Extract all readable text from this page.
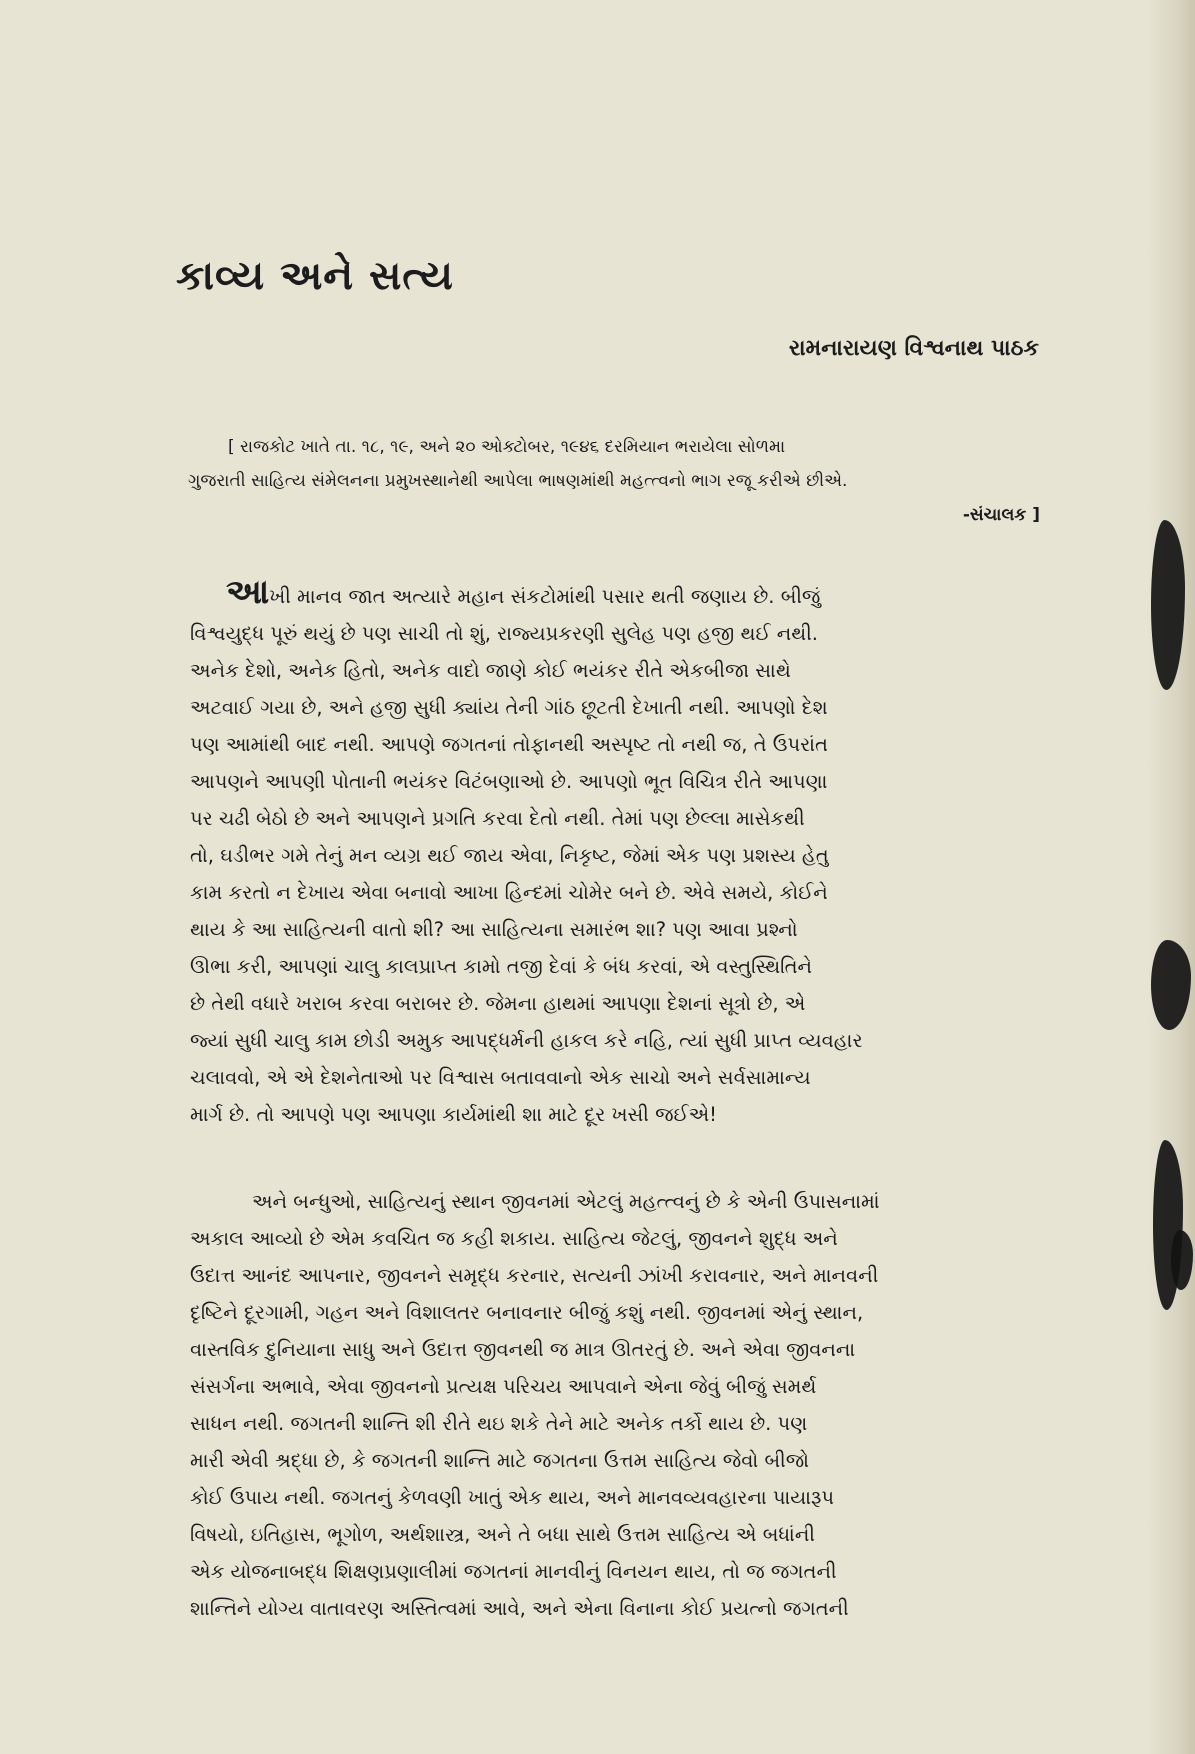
કાવ્ય અને સત્ય
રામનારાયણ વિશ્વનાથ પાઠક
[ રાજકોટ ખાતે તા. ૧૮, ૧૯, અને ૨૦ ઓક્ટોબર, ૧૯૪૬ દરમિયાન ભરાયેલા સોળમા
ગુજરાતી સાહિત્ય સંમેલનના પ્રમુખસ્થાનેથી આપેલા ભાષણમાંથી મહત્ત્વનો ભાગ રજૂ કરીએ છીએ.
-સંચાલક ]
આખી માનવ જાત અત્યારે મહાન સંકટોમાંથી પસાર થતી જણાય છે. બીજું
વિશ્વયુદ્ધ પૂરું થયું છે પણ સાચી તો શું, રાજ્યપ્રકરણી સુલેહ પણ હજી થઈ નથી.
અનેક દેશો, અનેક હિતો, અનેક વાદો જાણે કોઈ ભયંકર રીતે એકબીજા સાથે
અટવાઈ ગયા છે, અને હજી સુધી ક્યાંય તેની ગાંઠ છૂટતી દેખાતી નથી. આપણો દેશ
પણ આમાંથી બાદ નથી. આપણે જગતનાં તોફાનથી અસ્પૃષ્ટ તો નથી જ, તે ઉપરાંત
આપણને આપણી પોતાની ભયંકર વિટંબણાઓ છે. આપણો ભૂત વિચિત્ર રીતે આપણા
પર ચઢી બેઠો છે અને આપણને પ્રગતિ કરવા દેતો નથી. તેમાં પણ છેલ્લા માસેકથી
તો, ઘડીભર ગમે તેનું મન વ્યગ્ર થઈ જાય એવા, નિકૃષ્ટ, જેમાં એક પણ પ્રશસ્ય હેતુ
કામ કરતો ન દેખાય એવા બનાવો આખા હિન્દમાં ચોમેર બને છે. એવે સમયે, કોઈને
થાય કે આ સાહિત્યની વાતો શી? આ સાહિત્યના સમારંભ શા? પણ આવા પ્રશ્નો
ઊભા કરી, આપણાં ચાલુ કાલપ્રાપ્ત કામો તજી દેવાં કે બંધ કરવાં, એ વસ્તુસ્થિતિને
છે તેથી વધારે ખરાબ કરવા બરાબર છે. જેમના હાથમાં આપણા દેશનાં સૂત્રો છે, એ
જ્યાં સુધી ચાલુ કામ છોડી અમુક આપદ્ધર્મની હાકલ કરે નહિ, ત્યાં સુધી પ્રાપ્ત વ્યવહાર
ચલાવવો, એ એ દેશનેતાઓ પર વિશ્વાસ બતાવવાનો એક સાચો અને સર્વસામાન્ય
માર્ગ છે. તો આપણે પણ આપણા કાર્યમાંથી શા માટે દૂર ખસી જઈએ!
અને બન્ધુઓ, સાહિત્યનું સ્થાન જીવનમાં એટલું મહત્ત્વનું છે કે એની ઉપાસનામાં
અકાલ આવ્યો છે એમ કવચિત જ કહી શકાય. સાહિત્ય જેટલું, જીવનને શુદ્ધ અને
ઉદાત્ત આનંદ આપનાર, જીવનને સમૃદ્ધ કરનાર, સત્યની ઝાંખી કરાવનાર, અને માનવની
દૃષ્ટિને દૂરગામી, ગહન અને વિશાલતર બનાવનાર બીજું કશું નથી. જીવનમાં એનું સ્થાન,
વાસ્તવિક દુનિયાના સાધુ અને ઉદાત્ત જીવનથી જ માત્ર ઊતરતું છે. અને એવા જીવનના
સંસર્ગના અભાવે, એવા જીવનનો પ્રત્યક્ષ પરિચય આપવાને એના જેવું બીજું સમર્થ
સાધન નથી. જગતની શાન્તિ શી રીતે થઇ શકે તેને માટે અનેક તર્કો થાય છે. પણ
મારી એવી શ્રદ્ધા છે, કે જગતની શાન્તિ માટે જગતના ઉત્તમ સાહિત્ય જેવો બીજો
કોઈ ઉપાય નથી. જગતનું કેળવણી ખાતું એક થાય, અને માનવવ્યવહારના પાયારૂપ
વિષયો, ઇતિહાસ, ભૂગોળ, અર્થશાસ્ત્ર, અને તે બધા સાથે ઉત્તમ સાહિત્ય એ બધાંની
એક યોજનાબદ્ધ શિક્ષણપ્રણાલીમાં જગતનાં માનવીનું વિનયન થાય, તો જ જગતની
શાન્તિને યોગ્ય વાતાવરણ અસ્તિત્વમાં આવે, અને એના વિનાના કોઈ પ્રયત્નો જગતની
